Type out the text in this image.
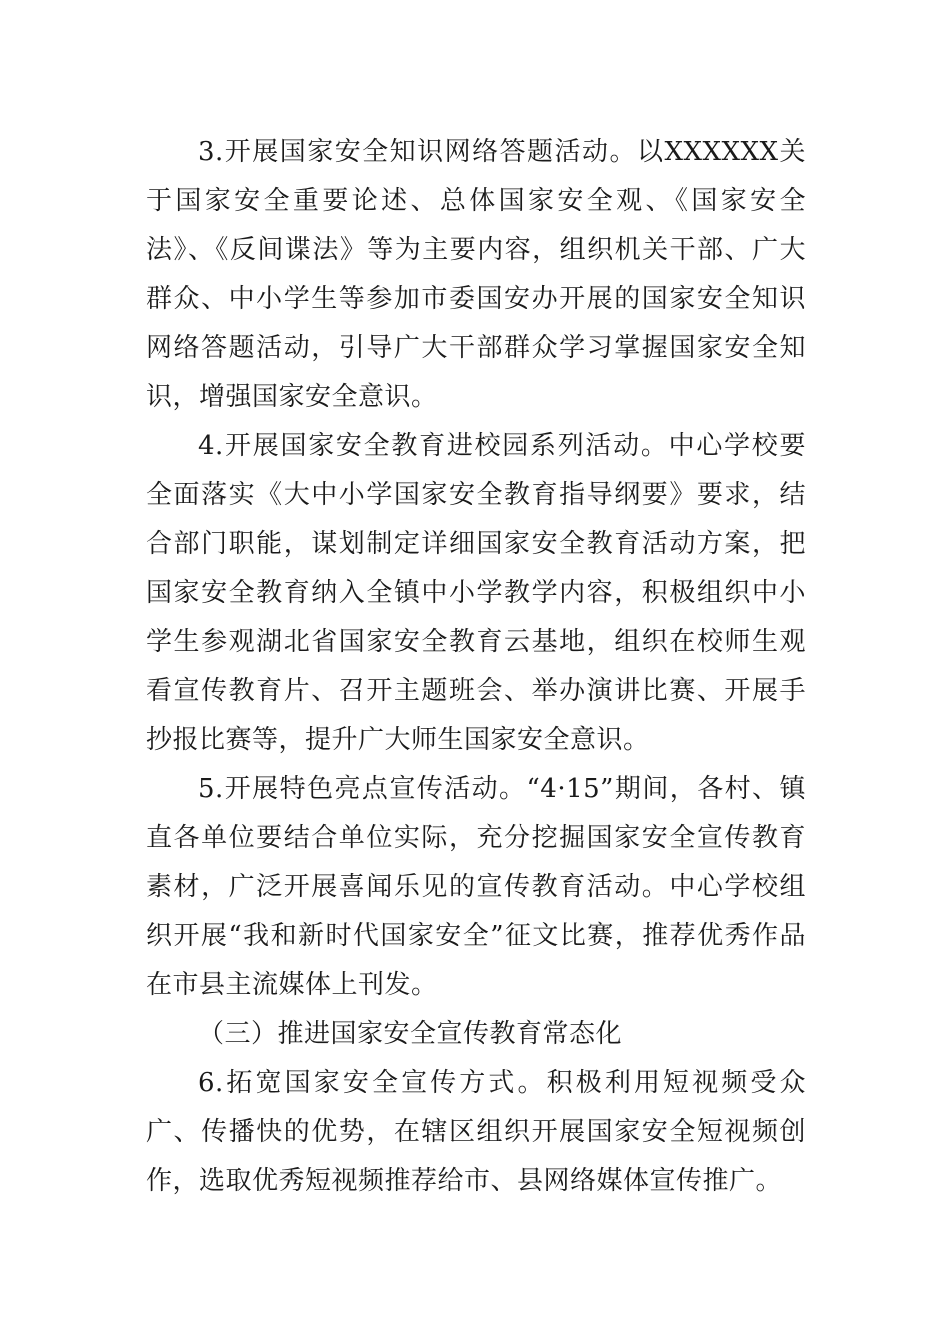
3.开展国家安全知识网络答题活动。以XXXXXX关于国家安全重要论述、总体国家安全观、《国家安全法》、《反间谍法》等为主要内容，组织机关干部、广大群众、中小学生等参加市委国安办开展的国家安全知识网络答题活动，引导广大干部群众学习掌握国家安全知识，增强国家安全意识。

4.开展国家安全教育进校园系列活动。中心学校要全面落实《大中小学国家安全教育指导纲要》要求，结合部门职能，谋划制定详细国家安全教育活动方案，把国家安全教育纳入全镇中小学教学内容，积极组织中小学生参观湖北省国家安全教育云基地，组织在校师生观看宣传教育片、召开主题班会、举办演讲比赛、开展手抄报比赛等，提升广大师生国家安全意识。

5.开展特色亮点宣传活动。“4·15”期间，各村、镇直各单位要结合单位实际，充分挖掘国家安全宣传教育素材，广泛开展喜闻乐见的宣传教育活动。中心学校组织开展“我和新时代国家安全”征文比赛，推荐优秀作品在市县主流媒体上刊发。

（三）推进国家安全宣传教育常态化

6.拓宽国家安全宣传方式。积极利用短视频受众广、传播快的优势，在辖区组织开展国家安全短视频创作，选取优秀短视频推荐给市、县网络媒体宣传推广。
